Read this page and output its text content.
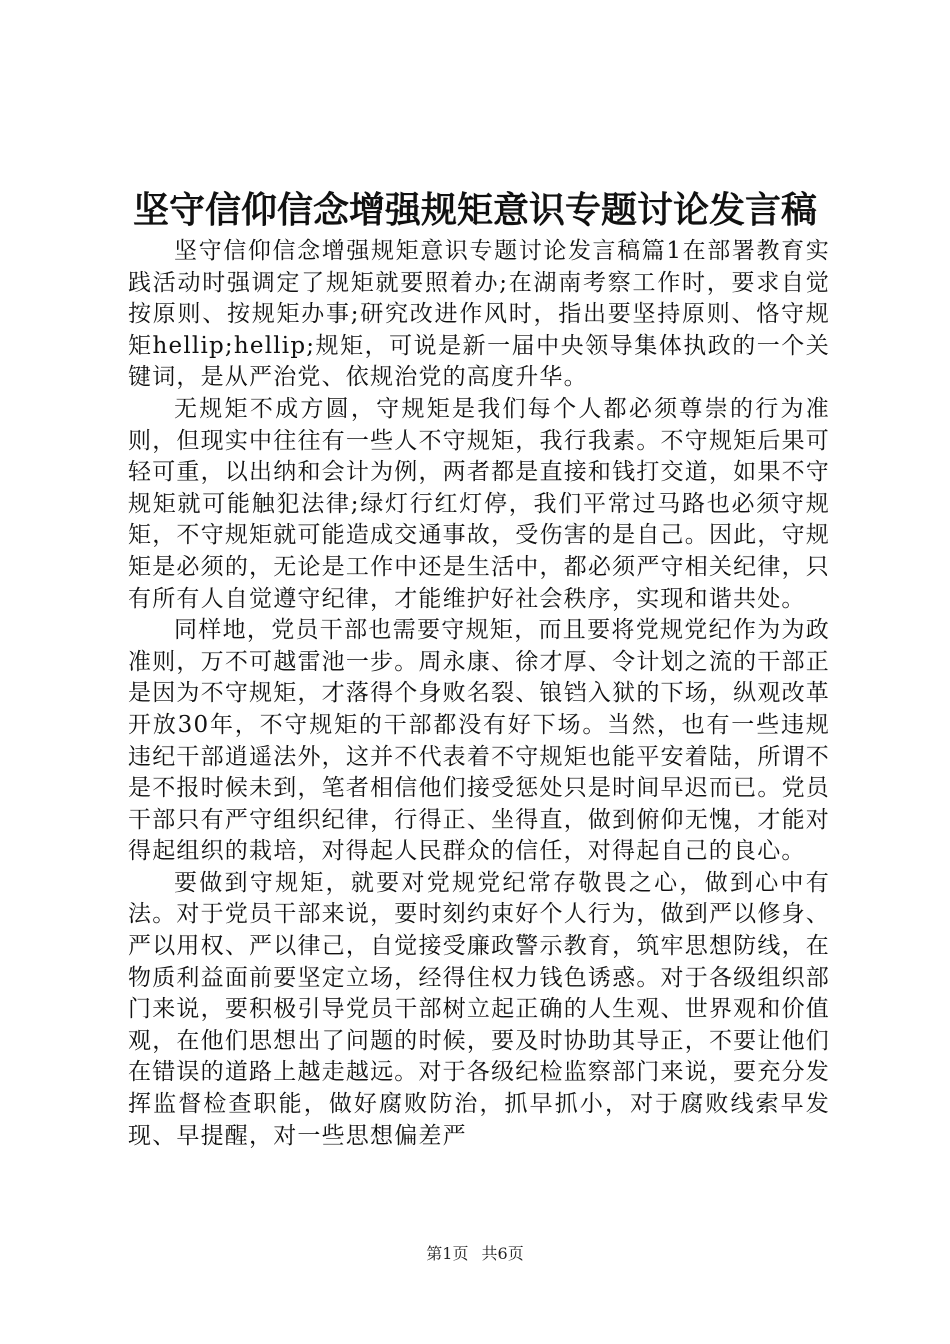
坚守信仰信念增强规矩意识专题讨论发言稿

坚守信仰信念增强规矩意识专题讨论发言稿篇1在部署教育实践活动时强调定了规矩就要照着办;在湖南考察工作时，要求自觉按原则、按规矩办事;研究改进作风时，指出要坚持原则、恪守规矩hellip;hellip;规矩，可说是新一届中央领导集体执政的一个关键词，是从严治党、依规治党的高度升华。

无规矩不成方圆，守规矩是我们每个人都必须尊崇的行为准则，但现实中往往有一些人不守规矩，我行我素。不守规矩后果可轻可重，以出纳和会计为例，两者都是直接和钱打交道，如果不守规矩就可能触犯法律;绿灯行红灯停，我们平常过马路也必须守规矩，不守规矩就可能造成交通事故，受伤害的是自己。因此，守规矩是必须的，无论是工作中还是生活中，都必须严守相关纪律，只有所有人自觉遵守纪律，才能维护好社会秩序，实现和谐共处。

同样地，党员干部也需要守规矩，而且要将党规党纪作为为政准则，万不可越雷池一步。周永康、徐才厚、令计划之流的干部正是因为不守规矩，才落得个身败名裂、锒铛入狱的下场，纵观改革开放30年，不守规矩的干部都没有好下场。当然，也有一些违规违纪干部逍遥法外，这并不代表着不守规矩也能平安着陆，所谓不是不报时候未到，笔者相信他们接受惩处只是时间早迟而已。党员干部只有严守组织纪律，行得正、坐得直，做到俯仰无愧，才能对得起组织的栽培，对得起人民群众的信任，对得起自己的良心。

要做到守规矩，就要对党规党纪常存敬畏之心，做到心中有法。对于党员干部来说，要时刻约束好个人行为，做到严以修身、严以用权、严以律己，自觉接受廉政警示教育，筑牢思想防线，在物质利益面前要坚定立场，经得住权力钱色诱惑。对于各级组织部门来说，要积极引导党员干部树立起正确的人生观、世界观和价值观，在他们思想出了问题的时候，要及时协助其导正，不要让他们在错误的道路上越走越远。对于各级纪检监察部门来说，要充分发挥监督检查职能，做好腐败防治，抓早抓小，对于腐败线索早发现、早提醒，对一些思想偏差严

第1页 共6页
